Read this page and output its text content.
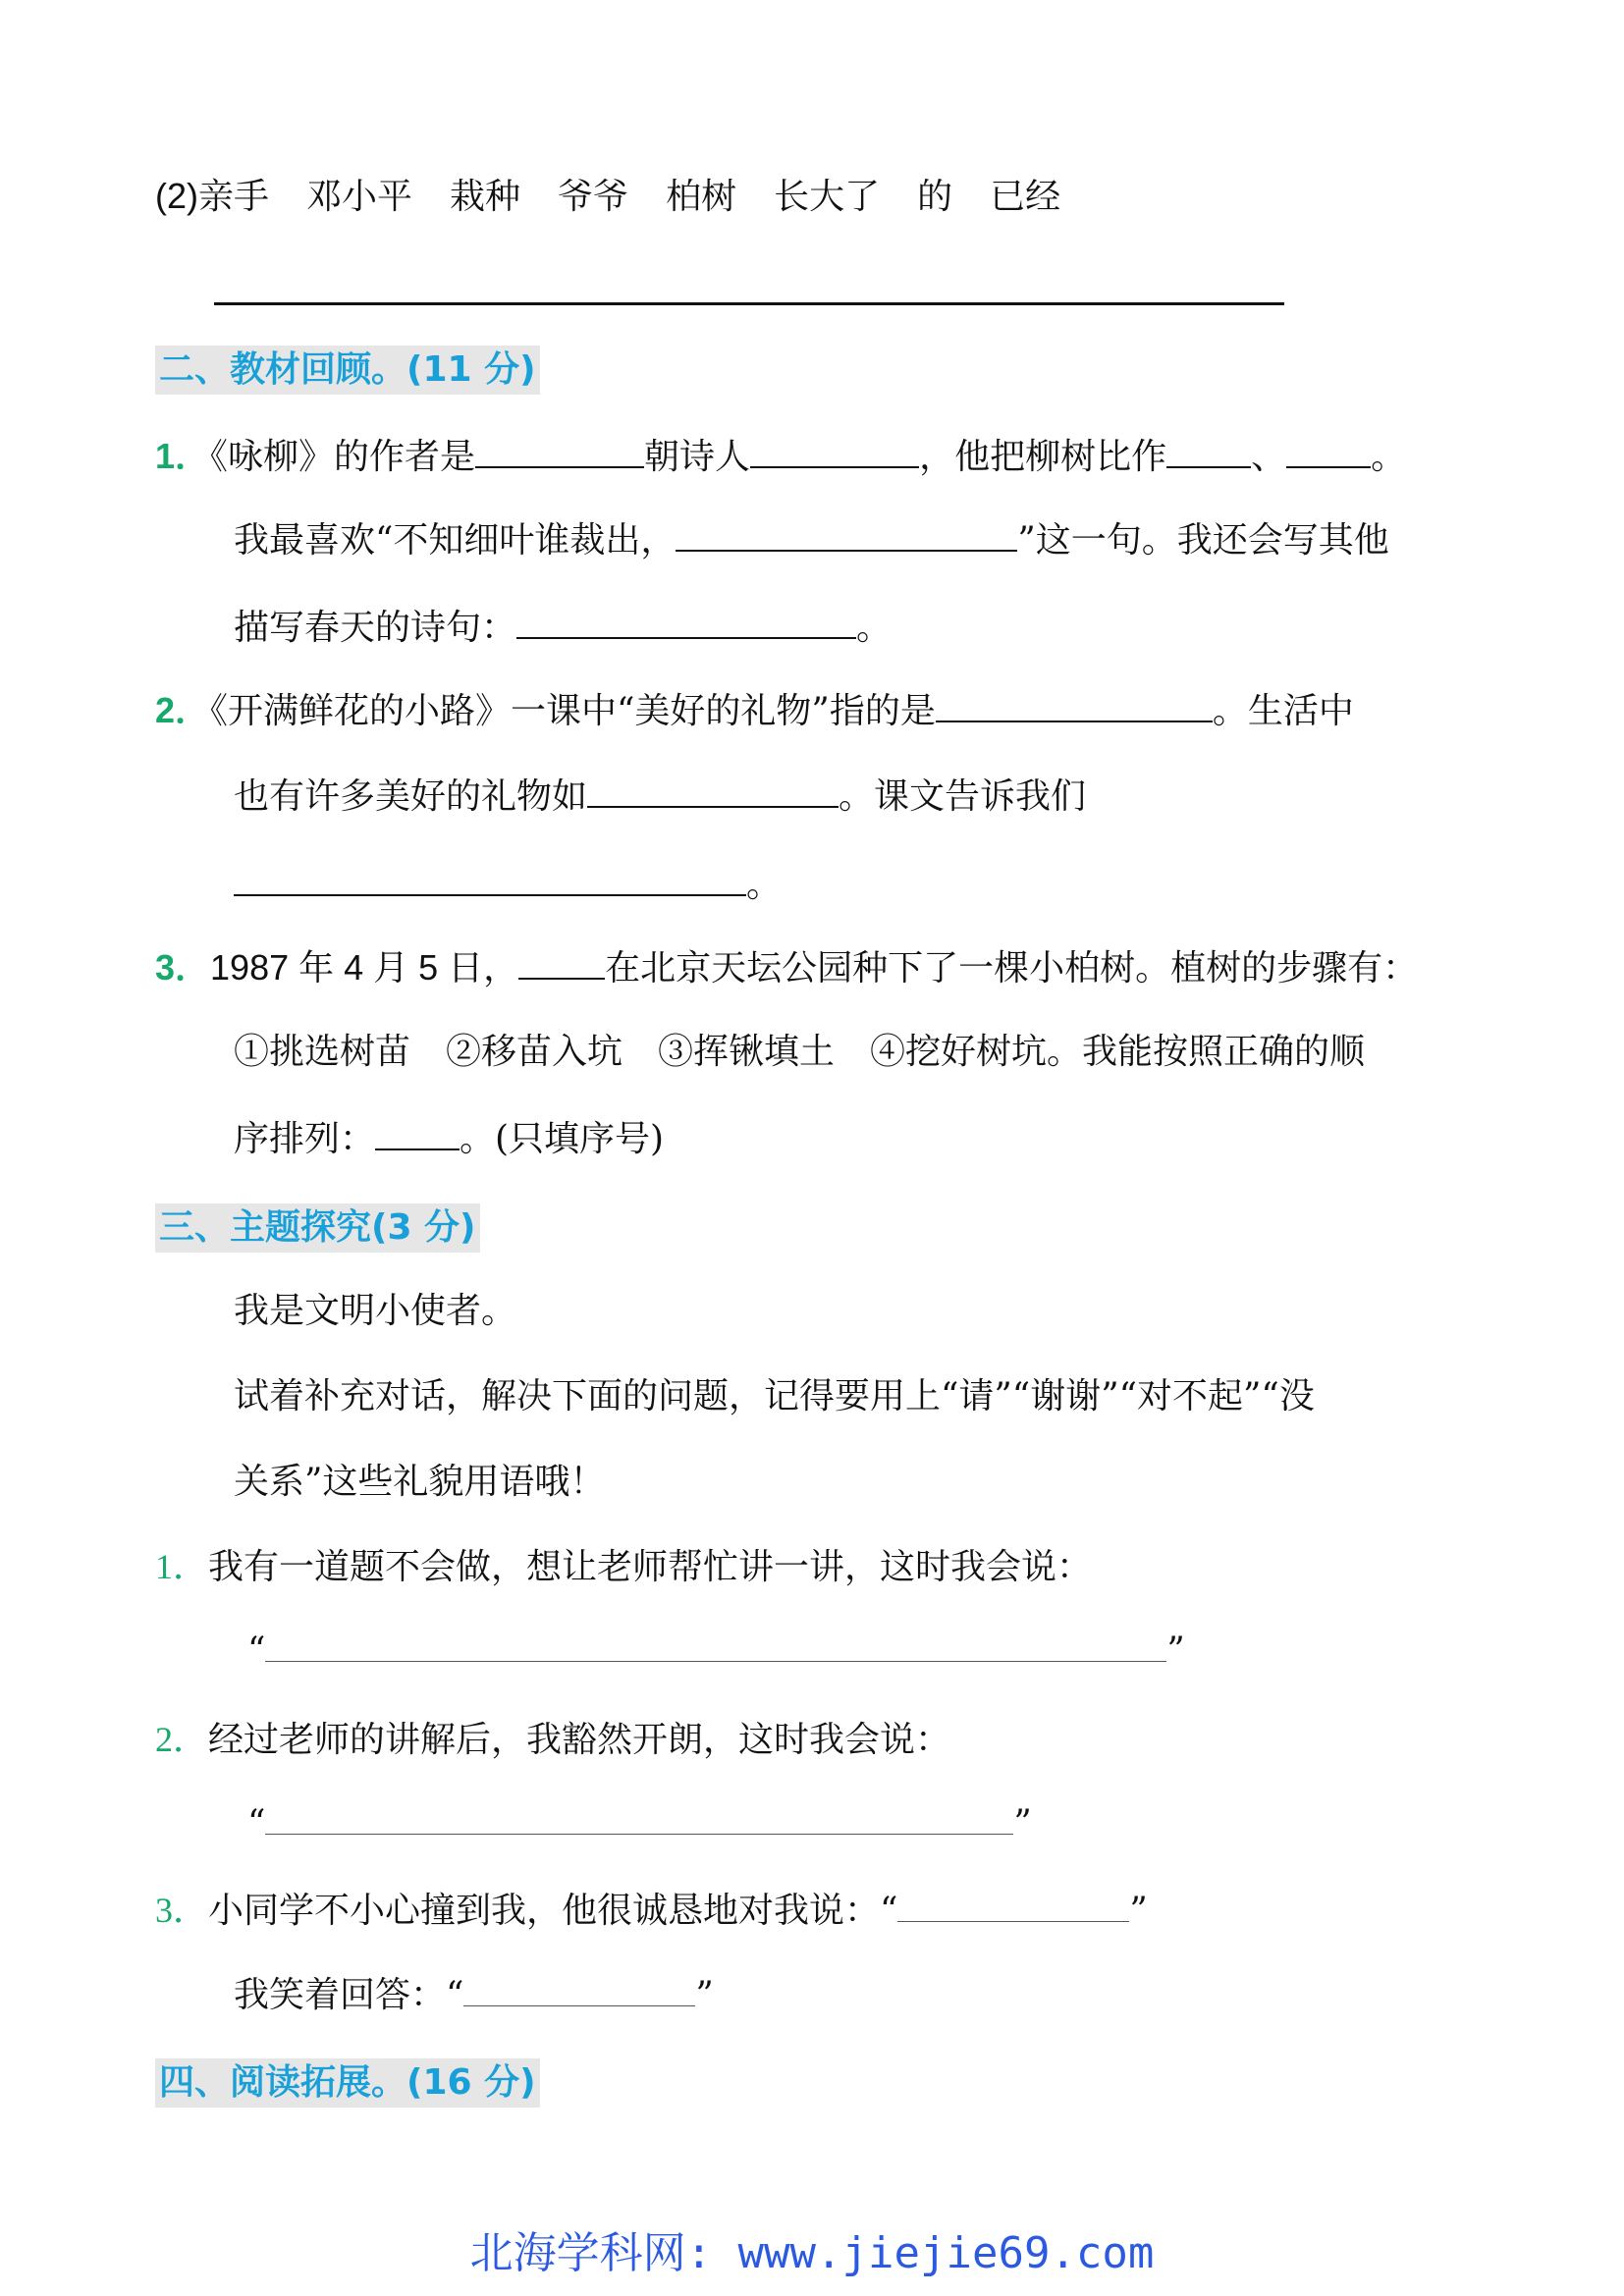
(2)亲手 邓小平 栽种 爷爷 柏树 长大了 的 已经
二、教材回顾。(11 分)
1．《咏柳》的作者是	朝诗人	，他把柳树比作 、 。
我最喜欢“不知细叶谁裁出，	”这一句。我还会写其他
描写春天的诗句：	。
2．《开满鲜花的小路》一课中“美好的礼物”指的是	。生活中
也有许多美好的礼物如	。课文告诉我们
。
3．1987 年 4 月 5 日， 在北京天坛公园种下了一棵小柏树。植树的步骤有：
①挑选树苗　②移苗入坑　③挥锹填土　④挖好树坑。我能按照正确的顺
序排列： 。(只填序号)
三、主题探究(3 分)
我是文明小使者。
试着补充对话，解决下面的问题，记得要用上“请”“谢谢”“对不起”“没
关系”这些礼貌用语哦！
1．我有一道题不会做，想让老师帮忙讲一讲，这时我会说：
“	”
2．经过老师的讲解后，我豁然开朗，这时我会说：
“	”
3．小同学不小心撞到我，他很诚恳地对我说：“	”
我笑着回答：“	”
四、阅读拓展。(16 分)
北海学科网: www.jiejie69.com
